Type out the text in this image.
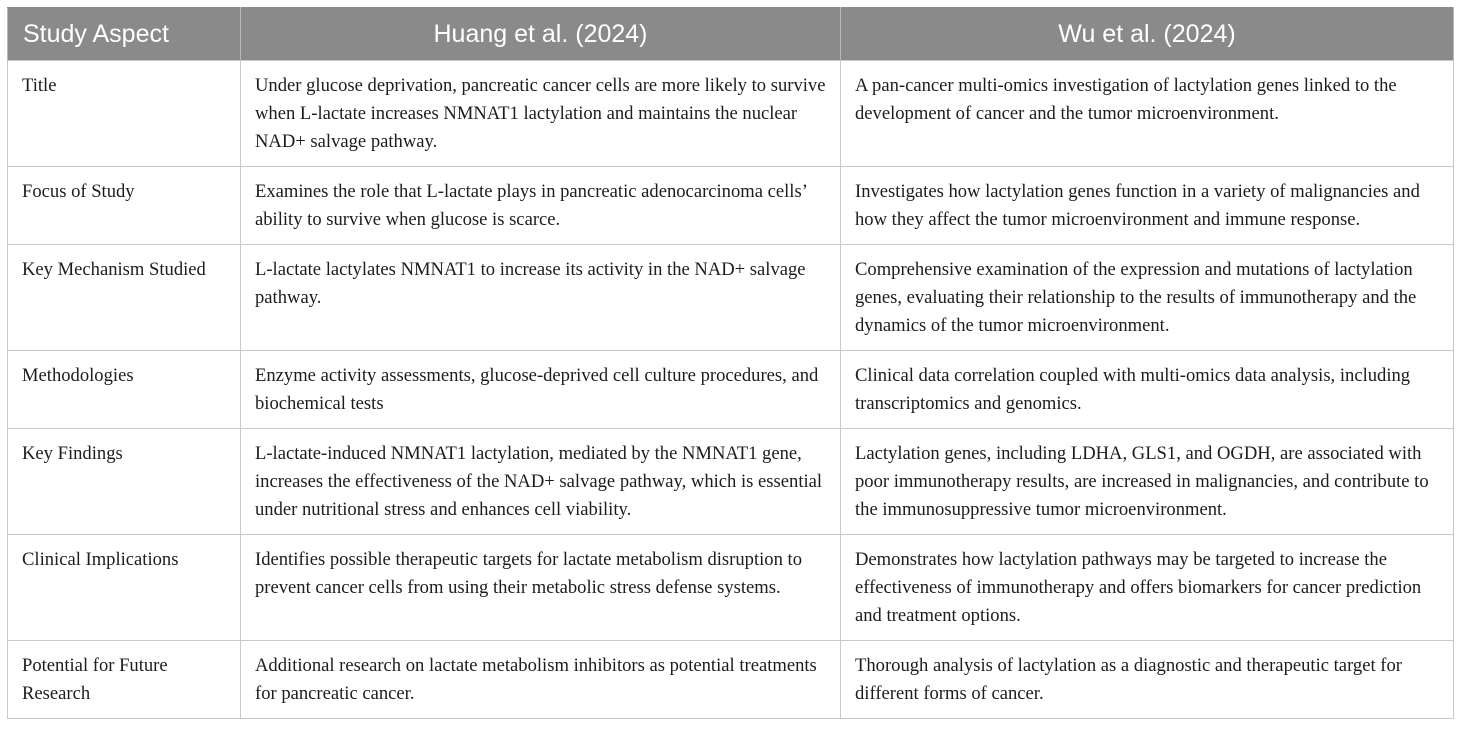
Study Aspect	Huang et al. (2024)	Wu et al. (2024)
Title	Under glucose deprivation, pancreatic cancer cells are more likely to survive when L-lactate increases NMNAT1 lactylation and maintains the nuclear NAD+ salvage pathway.	A pan-cancer multi-omics investigation of lactylation genes linked to the development of cancer and the tumor microenvironment.
Focus of Study	Examines the role that L-lactate plays in pancreatic adenocarcinoma cells’ ability to survive when glucose is scarce.	Investigates how lactylation genes function in a variety of malignancies and how they affect the tumor microenvironment and immune response.
Key Mechanism Studied	L-lactate lactylates NMNAT1 to increase its activity in the NAD+ salvage pathway.	Comprehensive examination of the expression and mutations of lactylation genes, evaluating their relationship to the results of immunotherapy and the dynamics of the tumor microenvironment.
Methodologies	Enzyme activity assessments, glucose-deprived cell culture procedures, and biochemical tests	Clinical data correlation coupled with multi-omics data analysis, including transcriptomics and genomics.
Key Findings	L-lactate-induced NMNAT1 lactylation, mediated by the NMNAT1 gene, increases the effectiveness of the NAD+ salvage pathway, which is essential under nutritional stress and enhances cell viability.	Lactylation genes, including LDHA, GLS1, and OGDH, are associated with poor immunotherapy results, are increased in malignancies, and contribute to the immunosuppressive tumor microenvironment.
Clinical Implications	Identifies possible therapeutic targets for lactate metabolism disruption to prevent cancer cells from using their metabolic stress defense systems.	Demonstrates how lactylation pathways may be targeted to increase the effectiveness of immunotherapy and offers biomarkers for cancer prediction and treatment options.
Potential for Future Research	Additional research on lactate metabolism inhibitors as potential treatments for pancreatic cancer.	Thorough analysis of lactylation as a diagnostic and therapeutic target for different forms of cancer.
